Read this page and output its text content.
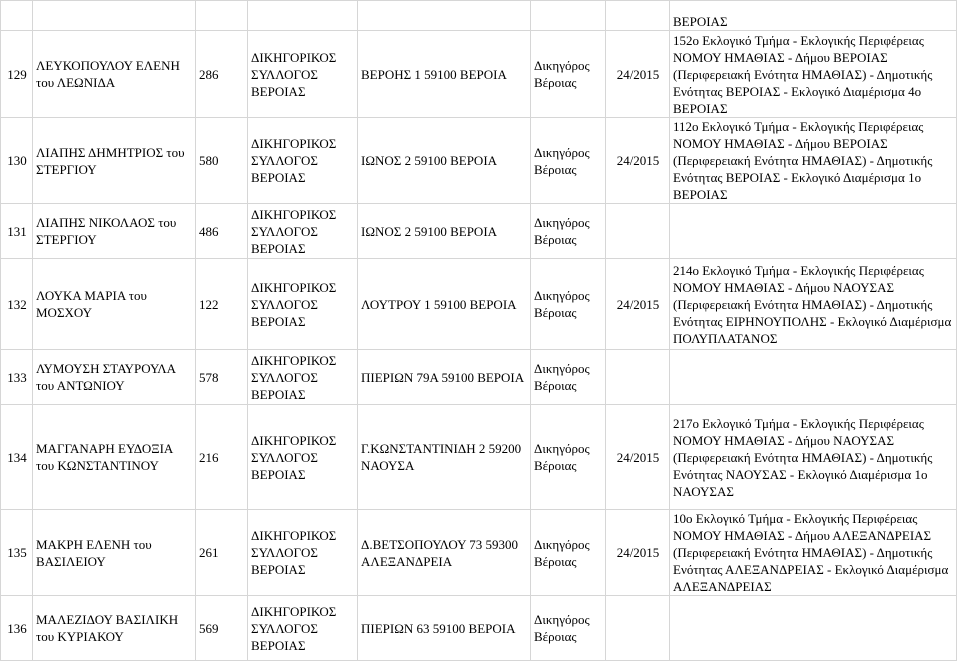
							ΒΕΡΟΙΑΣ
129	ΛΕΥΚΟΠΟΥΛΟΥ ΕΛΕΝΗ του ΛΕΩΝΙΔΑ	286	ΔΙΚΗΓΟΡΙΚΟΣ ΣΥΛΛΟΓΟΣ ΒΕΡΟΙΑΣ	ΒΕΡΟΗΣ 1 59100 ΒΕΡΟΙΑ	Δικηγόρος Βέροιας	24/2015	152ο Εκλογικό Τμήμα - Εκλογικής Περιφέρειας ΝΟΜΟΥ ΗΜΑΘΙΑΣ - Δήμου ΒΕΡΟΙΑΣ (Περιφερειακή Ενότητα ΗΜΑΘΙΑΣ) - Δημοτικής Ενότητας ΒΕΡΟΙΑΣ - Εκλογικό Διαμέρισμα 4ο ΒΕΡΟΙΑΣ
130	ΛΙΑΠΗΣ ΔΗΜΗΤΡΙΟΣ του ΣΤΕΡΓΙΟΥ	580	ΔΙΚΗΓΟΡΙΚΟΣ ΣΥΛΛΟΓΟΣ ΒΕΡΟΙΑΣ	ΙΩΝΟΣ 2 59100 ΒΕΡΟΙΑ	Δικηγόρος Βέροιας	24/2015	112ο Εκλογικό Τμήμα - Εκλογικής Περιφέρειας ΝΟΜΟΥ ΗΜΑΘΙΑΣ - Δήμου ΒΕΡΟΙΑΣ (Περιφερειακή Ενότητα ΗΜΑΘΙΑΣ) - Δημοτικής Ενότητας ΒΕΡΟΙΑΣ - Εκλογικό Διαμέρισμα 1ο ΒΕΡΟΙΑΣ
131	ΛΙΑΠΗΣ ΝΙΚΟΛΑΟΣ του ΣΤΕΡΓΙΟΥ	486	ΔΙΚΗΓΟΡΙΚΟΣ ΣΥΛΛΟΓΟΣ ΒΕΡΟΙΑΣ	ΙΩΝΟΣ 2 59100 ΒΕΡΟΙΑ	Δικηγόρος Βέροιας		
132	ΛΟΥΚΑ ΜΑΡΙΑ του ΜΟΣΧΟΥ	122	ΔΙΚΗΓΟΡΙΚΟΣ ΣΥΛΛΟΓΟΣ ΒΕΡΟΙΑΣ	ΛΟΥΤΡΟΥ 1 59100 ΒΕΡΟΙΑ	Δικηγόρος Βέροιας	24/2015	214ο Εκλογικό Τμήμα - Εκλογικής Περιφέρειας ΝΟΜΟΥ ΗΜΑΘΙΑΣ - Δήμου ΝΑΟΥΣΑΣ (Περιφερειακή Ενότητα ΗΜΑΘΙΑΣ) - Δημοτικής Ενότητας ΕΙΡΗΝΟΥΠΟΛΗΣ - Εκλογικό Διαμέρισμα ΠΟΛΥΠΛΑΤΑΝΟΣ
133	ΛΥΜΟΥΣΗ ΣΤΑΥΡΟΥΛΑ του ΑΝΤΩΝΙΟΥ	578	ΔΙΚΗΓΟΡΙΚΟΣ ΣΥΛΛΟΓΟΣ ΒΕΡΟΙΑΣ	ΠΙΕΡΙΩΝ 79Α 59100 ΒΕΡΟΙΑ	Δικηγόρος Βέροιας		
134	ΜΑΓΓΑΝΑΡΗ ΕΥΔΟΞΙΑ του ΚΩΝΣΤΑΝΤΙΝΟΥ	216	ΔΙΚΗΓΟΡΙΚΟΣ ΣΥΛΛΟΓΟΣ ΒΕΡΟΙΑΣ	Γ.ΚΩΝΣΤΑΝΤΙΝΙΔΗ 2 59200 ΝΑΟΥΣΑ	Δικηγόρος Βέροιας	24/2015	217ο Εκλογικό Τμήμα - Εκλογικής Περιφέρειας ΝΟΜΟΥ ΗΜΑΘΙΑΣ - Δήμου ΝΑΟΥΣΑΣ (Περιφερειακή Ενότητα ΗΜΑΘΙΑΣ) - Δημοτικής Ενότητας ΝΑΟΥΣΑΣ - Εκλογικό Διαμέρισμα 1ο ΝΑΟΥΣΑΣ
135	ΜΑΚΡΗ ΕΛΕΝΗ του ΒΑΣΙΛΕΙΟΥ	261	ΔΙΚΗΓΟΡΙΚΟΣ ΣΥΛΛΟΓΟΣ ΒΕΡΟΙΑΣ	Δ.ΒΕΤΣΟΠΟΥΛΟΥ 73 59300 ΑΛΕΞΑΝΔΡΕΙΑ	Δικηγόρος Βέροιας	24/2015	10ο Εκλογικό Τμήμα - Εκλογικής Περιφέρειας ΝΟΜΟΥ ΗΜΑΘΙΑΣ - Δήμου ΑΛΕΞΑΝΔΡΕΙΑΣ (Περιφερειακή Ενότητα ΗΜΑΘΙΑΣ) - Δημοτικής Ενότητας ΑΛΕΞΑΝΔΡΕΙΑΣ - Εκλογικό Διαμέρισμα ΑΛΕΞΑΝΔΡΕΙΑΣ
136	ΜΑΛΕΖΙΔΟΥ ΒΑΣΙΛΙΚΗ του ΚΥΡΙΑΚΟΥ	569	ΔΙΚΗΓΟΡΙΚΟΣ ΣΥΛΛΟΓΟΣ ΒΕΡΟΙΑΣ	ΠΙΕΡΙΩΝ 63 59100 ΒΕΡΟΙΑ	Δικηγόρος Βέροιας		
